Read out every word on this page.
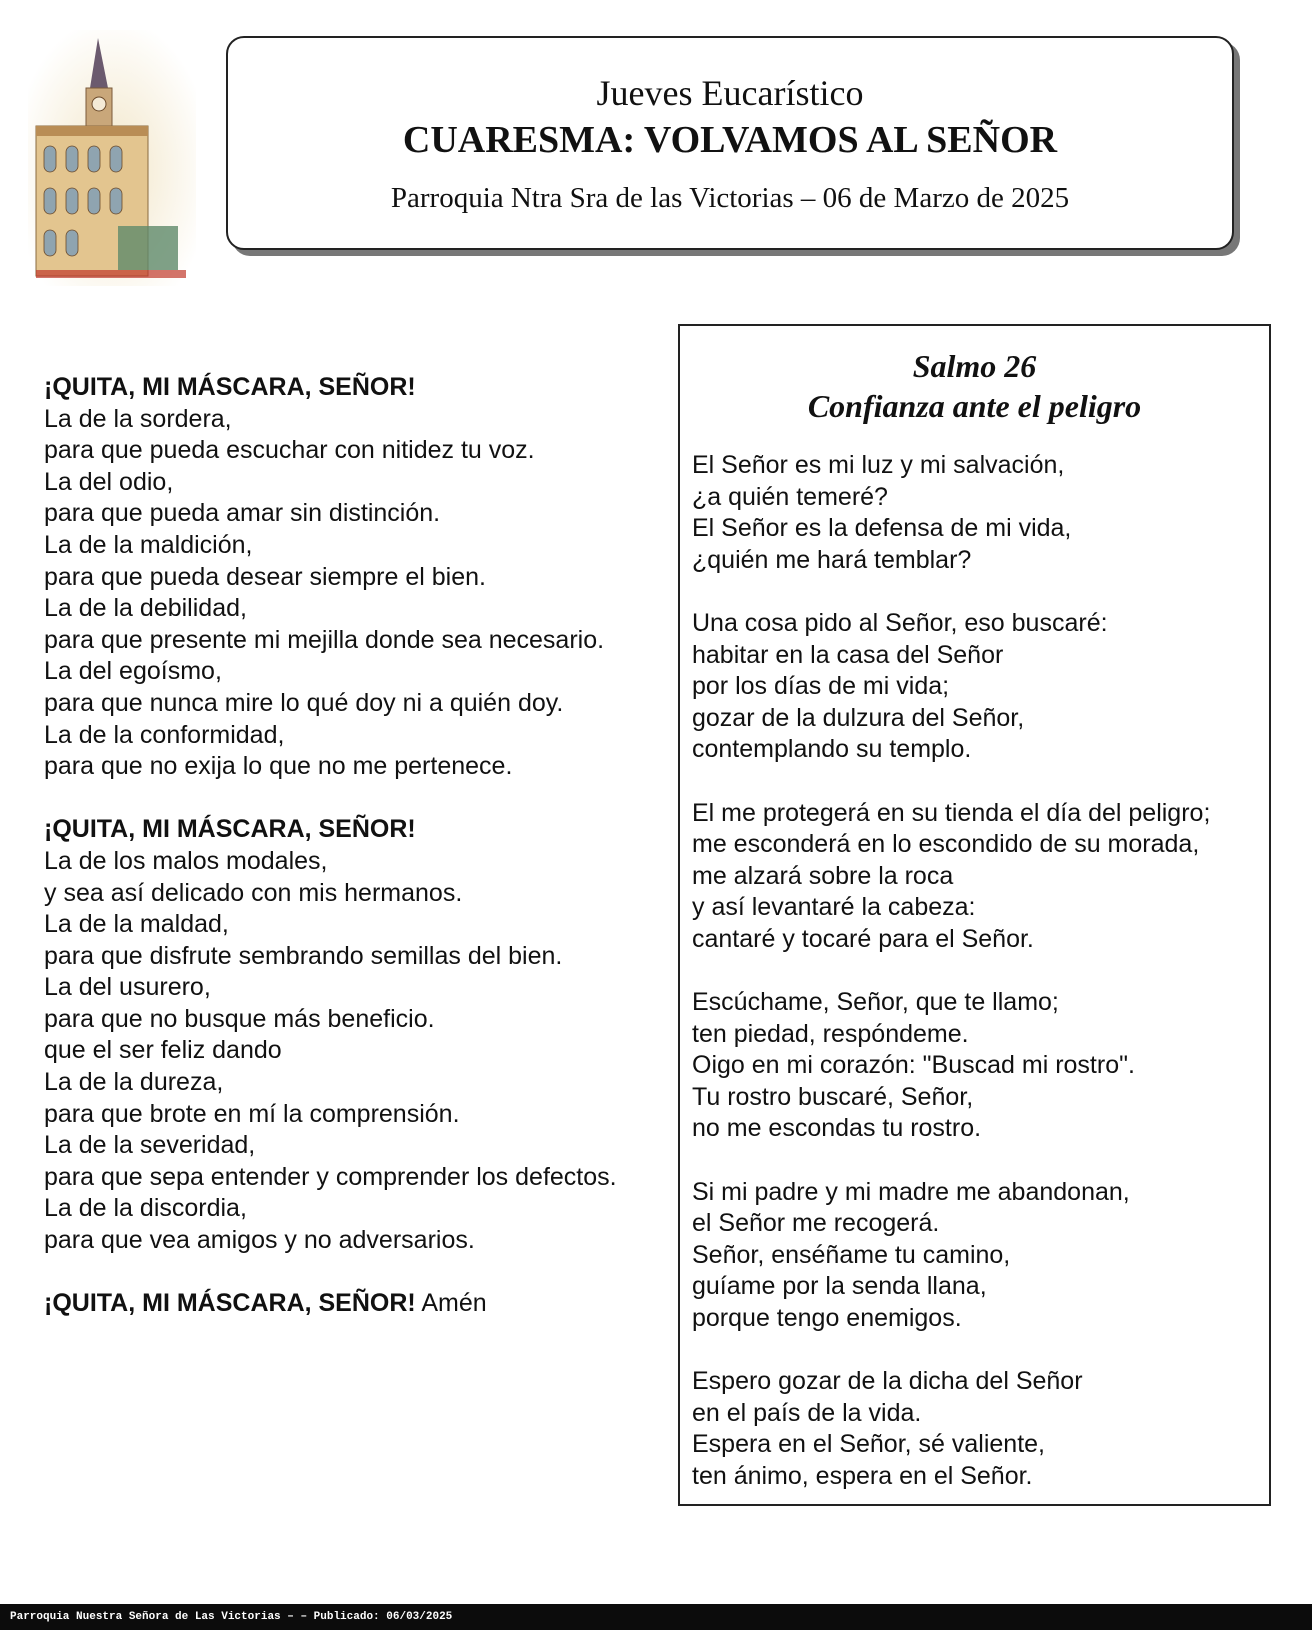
Jueves Eucarístico
CUARESMA: VOLVAMOS AL SEÑOR
Parroquia Ntra Sra de las Victorias – 06 de Marzo de 2025
¡QUITA, MI MÁSCARA, SEÑOR!
La de la sordera,
para que pueda escuchar con nitidez tu voz.
La del odio,
para que pueda amar sin distinción.
La de la maldición,
para que pueda desear siempre el bien.
La de la debilidad,
para que presente mi mejilla donde sea necesario.
La del egoísmo,
para que nunca mire lo qué doy ni a quién doy.
La de la conformidad,
para que no exija lo que no me pertenece.
¡QUITA, MI MÁSCARA, SEÑOR!
La de los malos modales,
y sea así delicado con mis hermanos.
La de la maldad,
para que disfrute sembrando semillas del bien.
La del usurero,
para que no busque más beneficio.
que el ser feliz dando
La de la dureza,
para que brote en mí la comprensión.
La de la severidad,
para que sepa entender y comprender los defectos.
La de la discordia,
para que vea amigos y no adversarios.
¡QUITA, MI MÁSCARA, SEÑOR! Amén
Salmo 26
Confianza ante el peligro
El Señor es mi luz y mi salvación,
¿a quién temeré?
El Señor es la defensa de mi vida,
¿quién me hará temblar?
Una cosa pido al Señor, eso buscaré:
habitar en la casa del Señor
por los días de mi vida;
gozar de la dulzura del Señor,
contemplando su templo.
El me protegerá en su tienda el día del peligro;
me esconderá en lo escondido de su morada,
me alzará sobre la roca
y así levantaré la cabeza:
cantaré y tocaré para el Señor.
Escúchame, Señor, que te llamo;
ten piedad, respóndeme.
Oigo en mi corazón: "Buscad mi rostro".
Tu rostro buscaré, Señor,
no me escondas tu rostro.
Si mi padre y mi madre me abandonan,
el Señor me recogerá.
Señor, enséñame tu camino,
guíame por la senda llana,
porque tengo enemigos.
Espero gozar de la dicha del Señor
en el país de la vida.
Espera en el Señor, sé valiente,
ten ánimo, espera en el Señor.
Parroquia Nuestra Señora de Las Victorias – – Publicado: 06/03/2025
